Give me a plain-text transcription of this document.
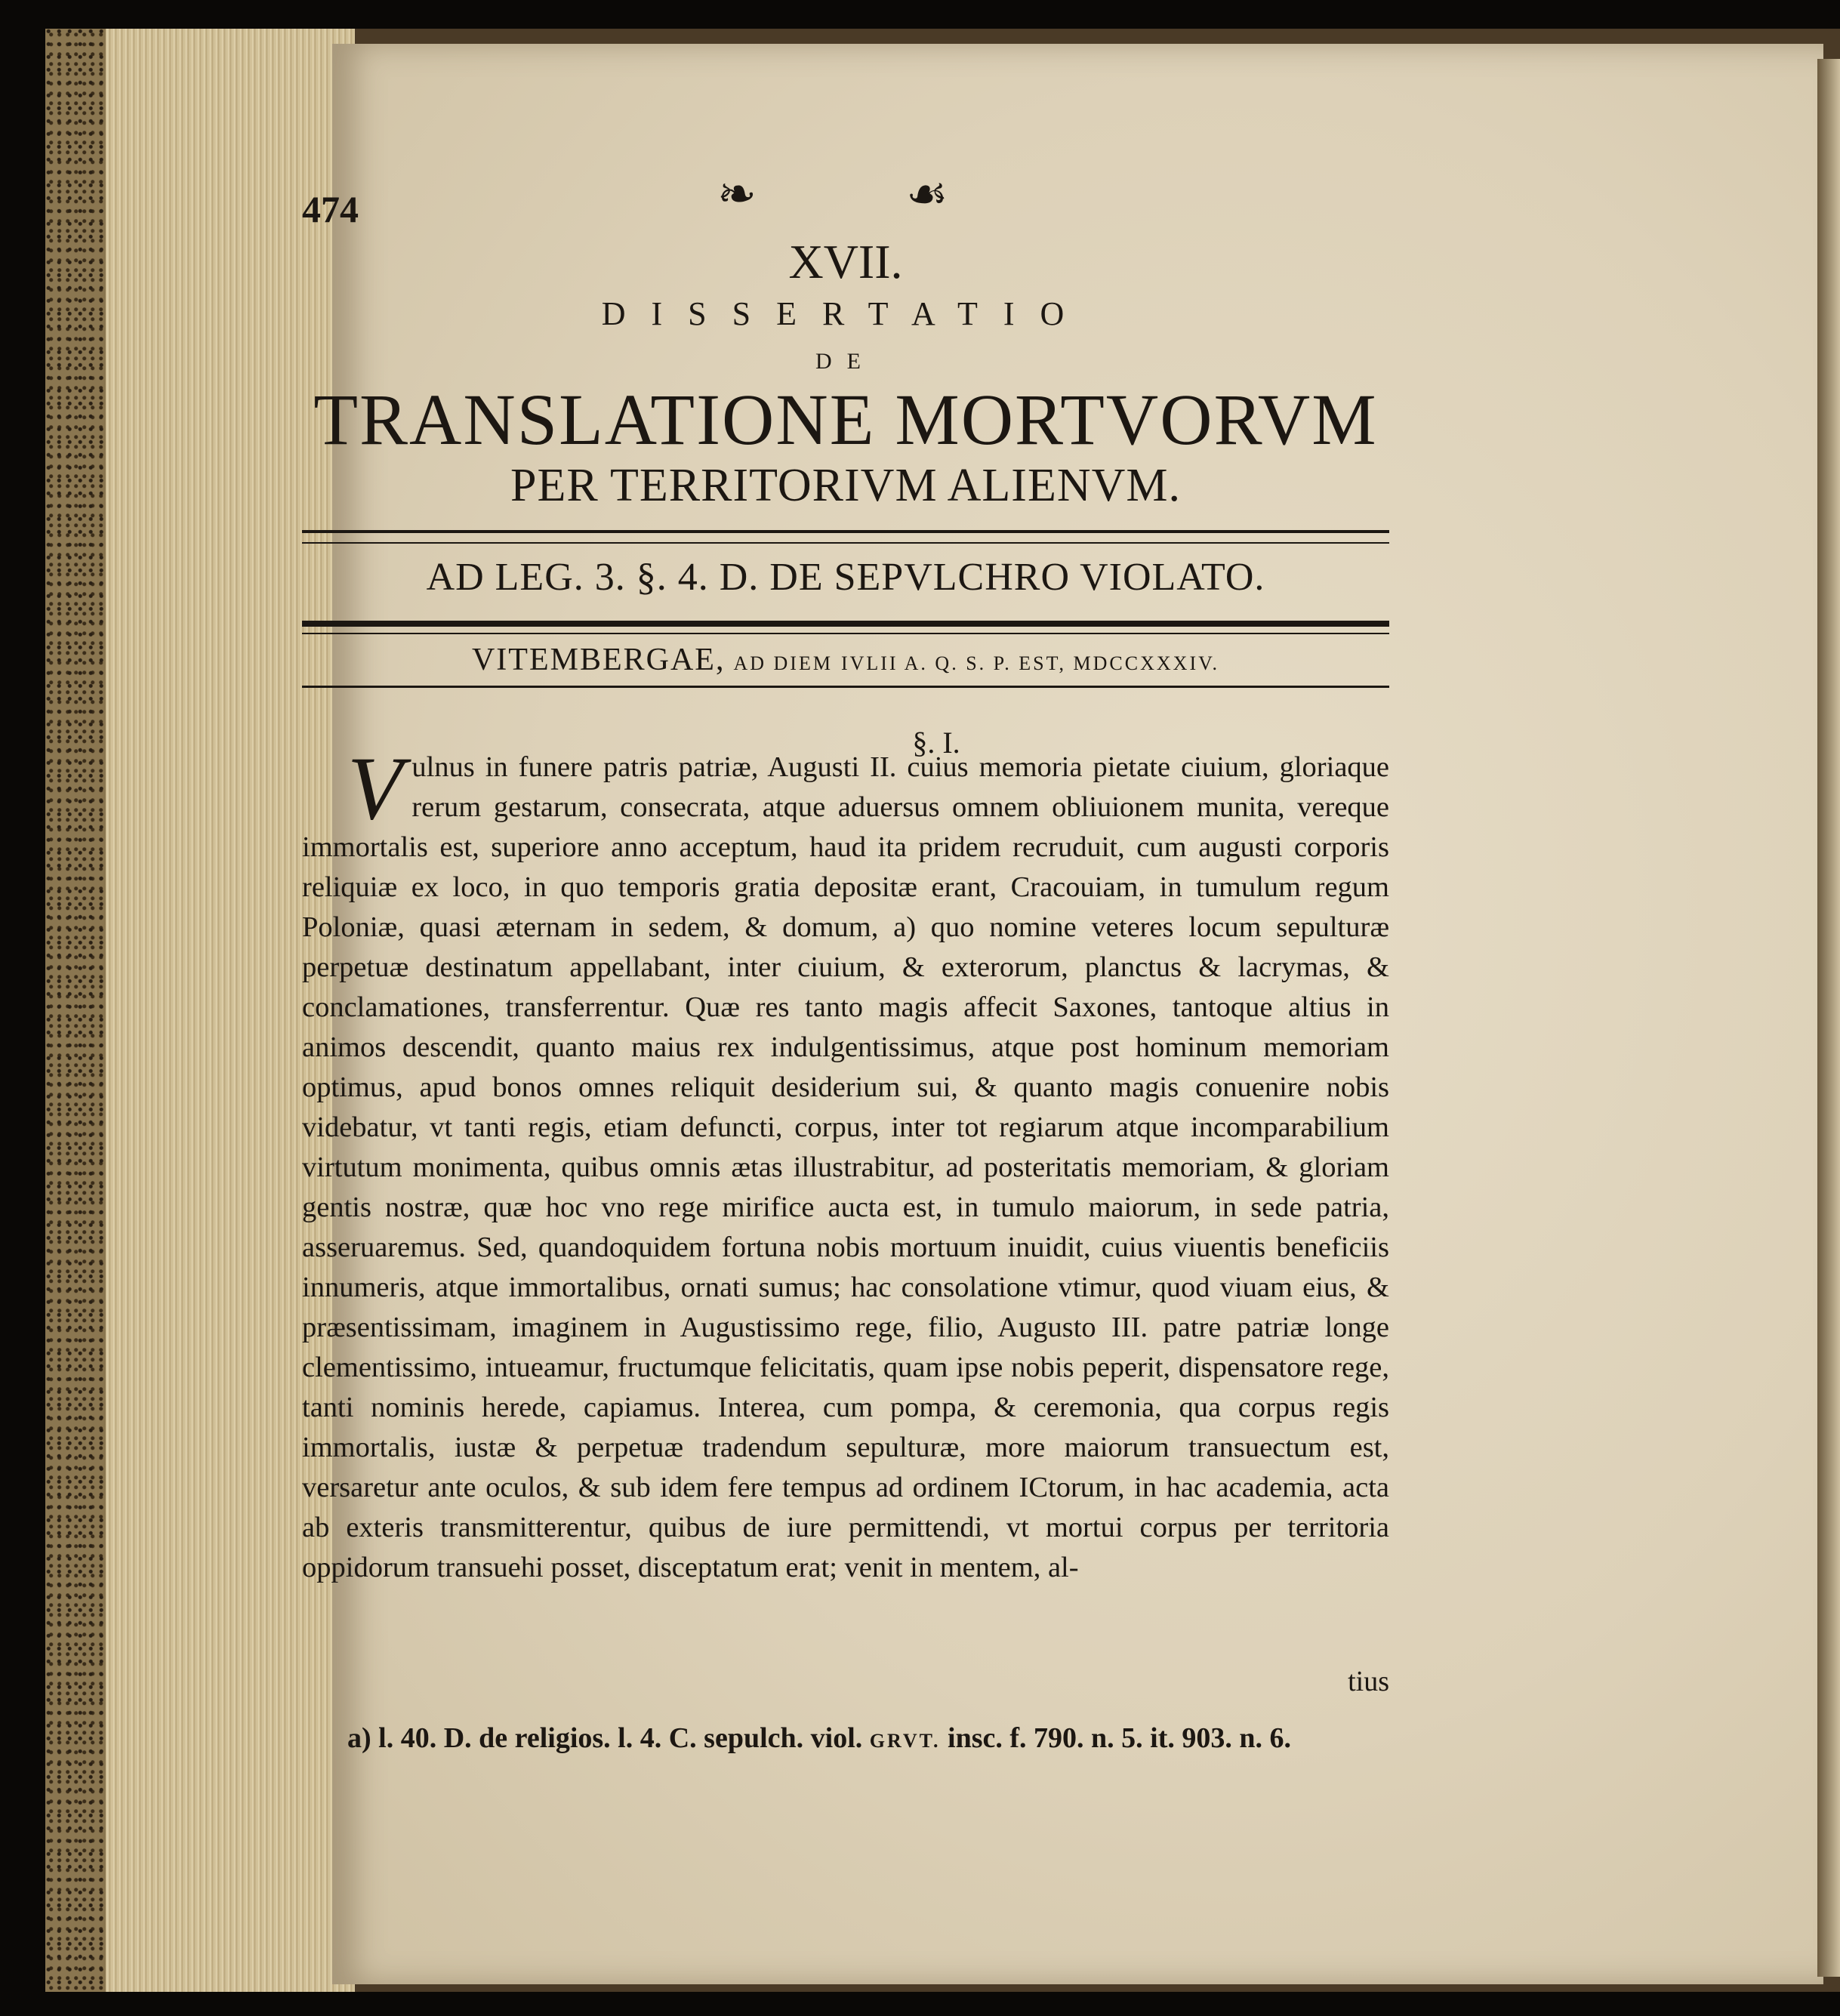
474	❧	☙
XVII.
DISSERTATIO
DE
TRANSLATIONE MORTVORVM
PER TERRITORIVM ALIENVM.
AD LEG. 3. §. 4. D. DE SEPVLCHRO VIOLATO.
VITEMBERGAE, AD DIEM IVLII A. Q. S. P. EST, MDCCXXXIV.
§. I.

V ulnus in funere patris patriæ, Augusti II. cuius memoria pietate ciuium, gloriaque rerum gestarum, consecrata, atque aduersus omnem obliuionem munita, vereque immortalis est, superiore anno acceptum, haud ita pridem recruduit, cum augusti corporis reliquiæ ex loco, in quo temporis gratia depositæ erant, Cracouiam, in tumulum regum Poloniæ, quasi æternam in sedem, & domum, a) quo nomine veteres locum sepulturæ perpetuæ destinatum appellabant, inter ciuium, & exterorum, planctus & lacrymas, & conclamationes, transferrentur. Quæ res tanto magis affecit Saxones, tantoque altius in animos descendit, quanto maius rex indulgentissimus, atque post hominum memoriam optimus, apud bonos omnes reliquit desiderium sui, & quanto magis conuenire nobis videbatur, vt tanti regis, etiam defuncti, corpus, inter tot regiarum atque incomparabilium virtutum monimenta, quibus omnis ætas illustrabitur, ad posteritatis memoriam, & gloriam gentis nostræ, quæ hoc vno rege mirifice aucta est, in tumulo maiorum, in sede patria, asseruaremus. Sed, quandoquidem fortuna nobis mortuum inuidit, cuius viuentis beneficiis innumeris, atque immortalibus, ornati sumus; hac consolatione vtimur, quod viuam eius, & præsentissimam, imaginem in Augustissimo rege, filio, Augusto III. patre patriæ longe clementissimo, intueamur, fructumque felicitatis, quam ipse nobis peperit, dispensatore rege, tanti nominis herede, capiamus. Interea, cum pompa, & ceremonia, qua corpus regis immortalis, iustæ & perpetuæ tradendum sepulturæ, more maiorum transuectum est, versaretur ante oculos, & sub idem fere tempus ad ordinem ICtorum, in hac academia, acta ab exteris transmitterentur, quibus de iure permittendi, vt mortui corpus per territoria oppidorum transuehi posset, disceptatum erat; venit in mentem, al-

tius
a) l. 40. D. de religios. l. 4. C. sepulch. viol. GRVT. insc. f. 790. n. 5. it. 903. n. 6.
